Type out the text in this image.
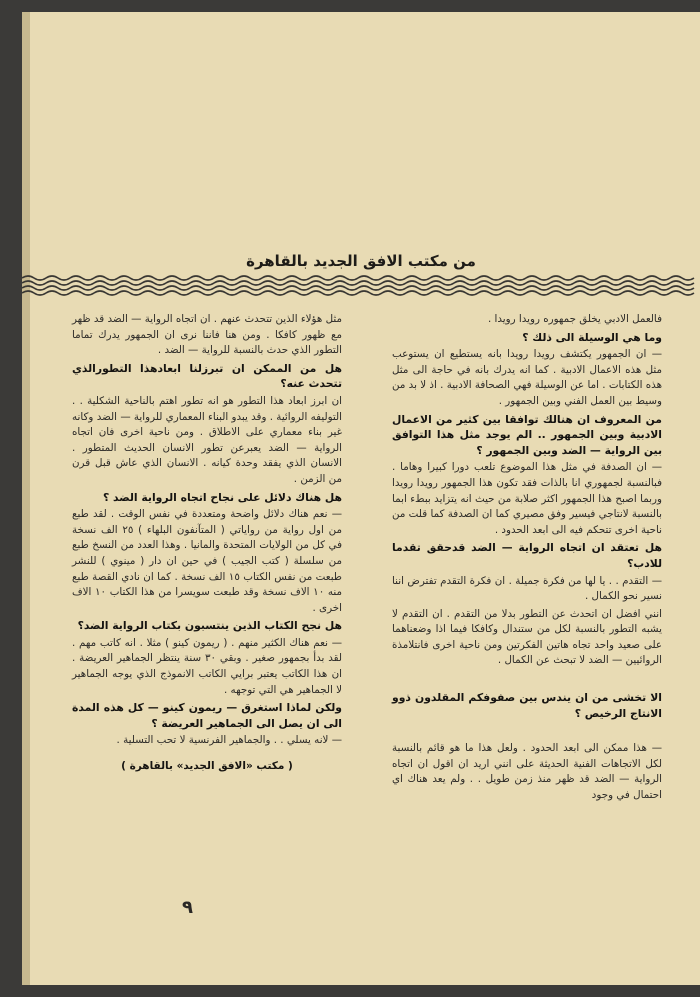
من مكتب الافق الجديد بالقاهرة

فالعمل الادبي يخلق جمهوره رويدا رويدا .

وما هي الوسيلة الى ذلك ؟

— ان الجمهور يكتشف رويدا رويدا بانه يستطيع ان يستوعب مثل هذه الاعمال الادبية . كما انه يدرك بانه في حاجة الى مثل هذه الكتابات . اما عن الوسيلة فهي الصحافة الادبية . اذ لا بد من وسيط بين العمل الفني وبين الجمهور .

من المعروف ان هنالك توافقا بين كثير من الاعمال الادبية وبين الجمهور .. الم يوجد مثل هذا التوافق بين الرواية — الضد وبين الجمهور ؟

— ان الصدفة في مثل هذا الموضوع تلعب دورا كبيرا وهاما . فبالنسبة لجمهوري انا بالذات فقد تكون هذا الجمهور رويدا رويدا وربما اصبح هذا الجمهور اكثر صلابة من حيث انه يتزايد ببطء ابما بالنسبة لانتاجي فيسير وفق مصيري كما ان الصدفة كما قلت من ناحية اخرى تتحكم فيه الى ابعد الحدود .

هل تعتقد ان اتجاه الرواية — الضد قدحقق تقدما للادب؟

— التقدم . . يا لها من فكرة جميلة . ان فكرة التقدم تفترض اننا نسير نحو الكمال .

انني افضل ان اتحدث عن التطور بدلا من التقدم . ان التقدم لا يشبه التطور بالنسبة لكل من ستندال وكافكا فيما اذا وضعناهما على صعيد واحد تجاه هاتين الفكرتين ومن ناحية اخرى فانتلامذة الروائيين — الضد لا تبحث عن الكمال .

الا تخشى من ان يندس بين صفوفكم المقلدون ذوو الانتاج الرخيص ؟

— هذا ممكن الى ابعد الحدود . ولعل هذا ما هو قائم بالنسبة لكل الاتجاهات الفنية الحديثة على انني اريد ان اقول ان اتجاه الرواية — الضد قد ظهر منذ زمن طويل . . ولم يعد هناك اي احتمال في وجود

مثل هؤلاء الذين تتحدث عنهم . ان اتجاه الرواية — الضد قد ظهر مع ظهور كافكا . ومن هنا فاننا نرى ان الجمهور يدرك تماما التطور الذي حدث بالنسبة للرواية — الضد .

هل من الممكن ان تبرزلنا ابعادهذا التطورالذي تتحدث عنه؟

ان ابرز ابعاد هذا التطور هو انه تطور اهتم بالناحية الشكلية . . التوليفه الروائية . وقد يبدو البناء المعماري للرواية — الضد وكانه غير بناء معماري على الاطلاق . ومن ناحية اخرى فان اتجاه الرواية — الضد يعبرعن تطور الانسان الحديث المتطور . الانسان الذي يفقد وحدة كيانه . الانسان الذي عاش قبل قرن من الزمن .

هل هناك دلائل على نجاح اتجاه الرواية الضد ؟

— نعم هناك دلائل واضحة ومتعددة في نفس الوقت . لقد طبع من اول رواية من رواياتي ( المتآنفون البلهاء ) ٢٥ الف نسخة في كل من الولايات المتحدة والمانيا . وهذا العدد من النسخ طبع من سلسلة ( كتب الجيب ) في حين ان دار ( مينوي ) للنشر طبعت من نفس الكتاب ١٥ الف نسخة . كما ان نادي القصة طبع منه ١٠ الاف نسخة وقد طبعت سويسرا من هذا الكتاب ١٠ الاف اخرى .

هل نجح الكتاب الذين ينتسبون بكتاب الرواية الضد؟

— نعم هناك الكثير منهم . ( ريمون كينو ) مثلا . انه كاتب مهم . لقد بدأ بجمهور صغير . وبقي ٣٠ سنة ينتظر الجماهير العريضة . ان هذا الكاتب يعتبر برايي الكاتب الانموذج الذي يوجه الجماهير لا الجماهير هي التي توجهه .

ولكن لماذا استغرق — ريمون كينو — كل هذه المدة الى ان يصل الى الجماهير العريضة ؟

— لانه يسلي . . والجماهير الفرنسية لا تحب التسلية .

( مكتب «الافق الجديد» بالقاهرة )
٩
